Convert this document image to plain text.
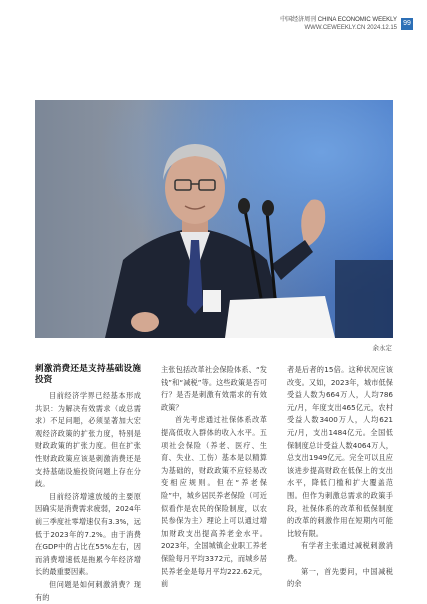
中国经济周刊 CHINA ECONOMIC WEEKLY
WWW.CEWEEKLY.CN 2024.12.15
99
余永定
刺激消费还是支持基础设施投资

目前经济学界已经基本形成共识：为解决有效需求（或总需求）不足问题，必须显著加大宏观经济政策的扩张力度，特别是财政政策的扩张力度。但在扩张性财政政策应该是刺激消费还是支持基础设施投资问题上存在分歧。

目前经济增速放缓的主要原因确实是消费需求疲弱，2024年前三季度社零增速仅有3.3%，远低于2023年的7.2%。由于消费在GDP中的占比在55%左右，因而消费增速低是拖累今年经济增长的最重要因素。

但问题是如何刺激消费？现有的

主张包括改革社会保险体系、“发钱”和“减税”等。这些政策是否可行？是否是刺激有效需求的有效政策？

首先考虑通过社保体系改革提高低收入群体的收入水平。五项社会保险（养老、医疗、生育、失业、工伤）基本是以精算为基础的，财政政策不应轻易改变相应规则。但在“养老保险”中，城乡居民养老保险（可近似看作是农民的保险制度，以农民参保为主）理论上可以通过增加财政支出提高养老金水平。2023年，全国城镇企业职工养老保险每月平均3372元，而城乡居民养老金是每月平均222.62元，前

者是后者的15倍。这种状况应该改变。又如，2023年，城市低保受益人数为664万人，人均786元/月，年度支出465亿元，农村受益人数3400万人，人均621元/月，支出1484亿元。全国低保制度总计受益人数4064万人，总支出1949亿元。完全可以且应该进步提高财政在低保上的支出水平，降低门槛和扩大覆盖范围。但作为刺激总需求的政策手段，社保体系的改革和低保制度的改革的刺激作用在短期内可能比较有限。

有学者主张通过减税刺激消费。

第一，首先要问，中国减税的余
